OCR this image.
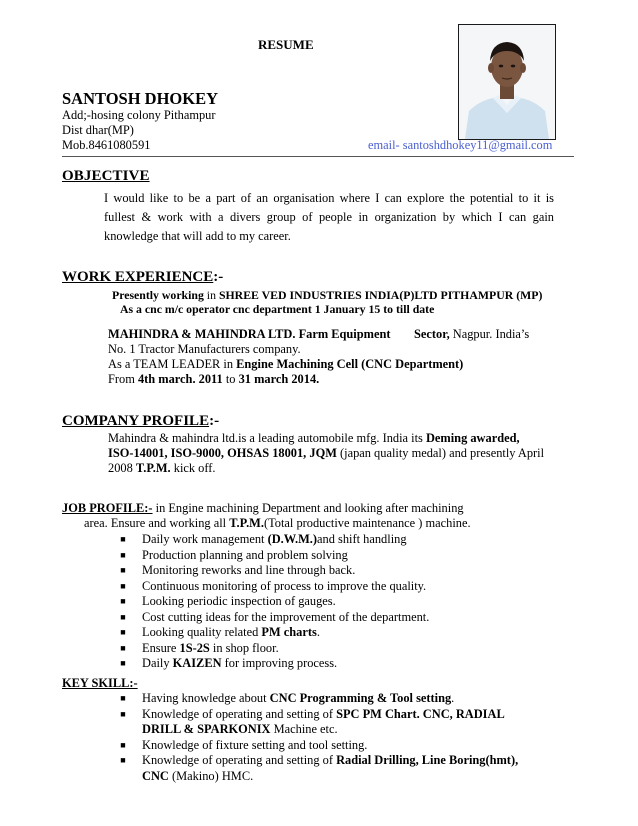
RESUME
SANTOSH DHOKEY
Add;-hosing colony Pithampur
Dist dhar(MP)
Mob.8461080591	email- santoshdhokey11@gmail.com
OBJECTIVE
I would like to be a part of an organisation where I can explore the potential to it is
fullest & work with a divers group of people in organization by which I can gain
knowledge that will add to my career.
WORK EXPERIENCE:-
Presently working in SHREE VED INDUSTRIES INDIA(P)LTD PITHAMPUR (MP)
As a cnc m/c operator cnc department 1 January 15 to till date
MAHINDRA & MAHINDRA LTD. Farm Equipment Sector, Nagpur. India’s
No. 1 Tractor Manufacturers company.
As a TEAM LEADER in Engine Machining Cell (CNC Department)
From 4th march. 2011 to 31 march 2014.
COMPANY PROFILE:-
Mahindra & mahindra ltd.is a leading automobile mfg. India its Deming awarded,
ISO-14001, ISO-9000, OHSAS 18001, JQM (japan quality medal) and presently April
2008 T.P.M. kick off.
JOB PROFILE:- in Engine machining Department and looking after machining
area. Ensure and working all T.P.M.(Total productive maintenance ) machine.
■ Daily work management (D.W.M.)and shift handling
■ Production planning and problem solving
■ Monitoring reworks and line through back.
■ Continuous monitoring of process to improve the quality.
■ Looking periodic inspection of gauges.
■ Cost cutting ideas for the improvement of the department.
■ Looking quality related PM charts.
■ Ensure 1S-2S in shop floor.
■ Daily KAIZEN for improving process.
KEY SKILL:-
■ Having knowledge about CNC Programming & Tool setting.
■ Knowledge of operating and setting of SPC PM Chart. CNC, RADIAL
DRILL & SPARKONIX Machine etc.
■ Knowledge of fixture setting and tool setting.
■ Knowledge of operating and setting of Radial Drilling, Line Boring(hmt),
CNC (Makino) HMC.
